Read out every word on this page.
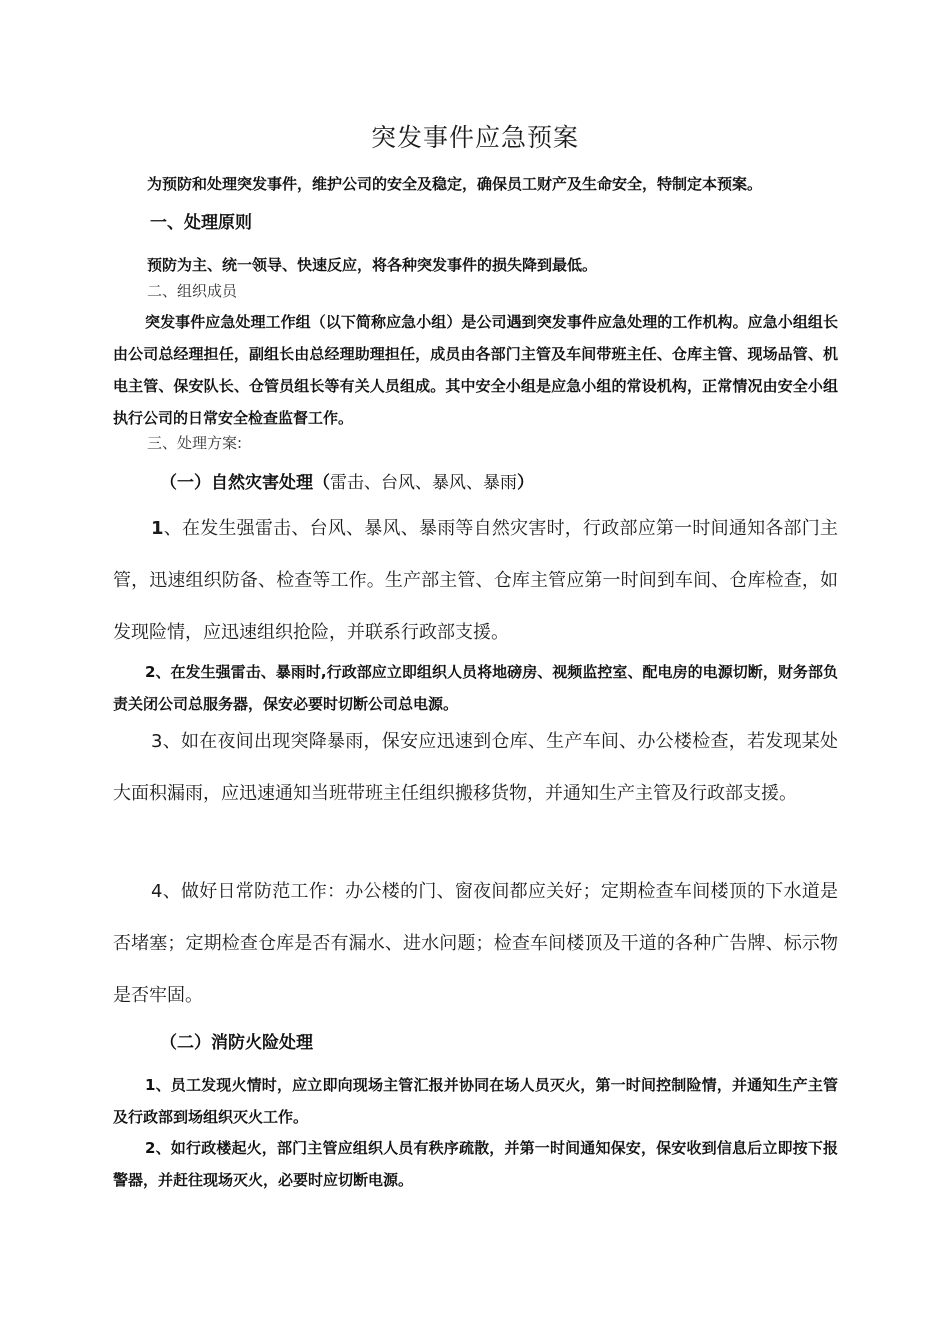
突发事件应急预案

为预防和处理突发事件，维护公司的安全及稳定，确保员工财产及生命安全，特制定本预案。

一、处理原则

预防为主、统一领导、快速反应，将各种突发事件的损失降到最低。

二、组织成员

突发事件应急处理工作组（以下简称应急小组）是公司遇到突发事件应急处理的工作机构。应急小组组长由公司总经理担任，副组长由总经理助理担任，成员由各部门主管及车间带班主任、仓库主管、现场品管、机电主管、保安队长、仓管员组长等有关人员组成。其中安全小组是应急小组的常设机构，正常情况由安全小组执行公司的日常安全检查监督工作。

三、处理方案:
（一）自然灾害处理（雷击、台风、暴风、暴雨）

1、在发生强雷击、台风、暴风、暴雨等自然灾害时，行政部应第一时间通知各部门主管，迅速组织防备、检查等工作。生产部主管、仓库主管应第一时间到车间、仓库检查，如发现险情，应迅速组织抢险，并联系行政部支援。

2、在发生强雷击、暴雨时,行政部应立即组织人员将地磅房、视频监控室、配电房的电源切断，财务部负责关闭公司总服务器，保安必要时切断公司总电源。

3、如在夜间出现突降暴雨，保安应迅速到仓库、生产车间、办公楼检查，若发现某处大面积漏雨，应迅速通知当班带班主任组织搬移货物，并通知生产主管及行政部支援。

4、做好日常防范工作：办公楼的门、窗夜间都应关好；定期检查车间楼顶的下水道是否堵塞；定期检查仓库是否有漏水、进水问题；检查车间楼顶及干道的各种广告牌、标示物是否牢固。

（二）消防火险处理

1、员工发现火情时，应立即向现场主管汇报并协同在场人员灭火，第一时间控制险情，并通知生产主管及行政部到场组织灭火工作。

2、如行政楼起火，部门主管应组织人员有秩序疏散，并第一时间通知保安，保安收到信息后立即按下报警器，并赶往现场灭火，必要时应切断电源。
